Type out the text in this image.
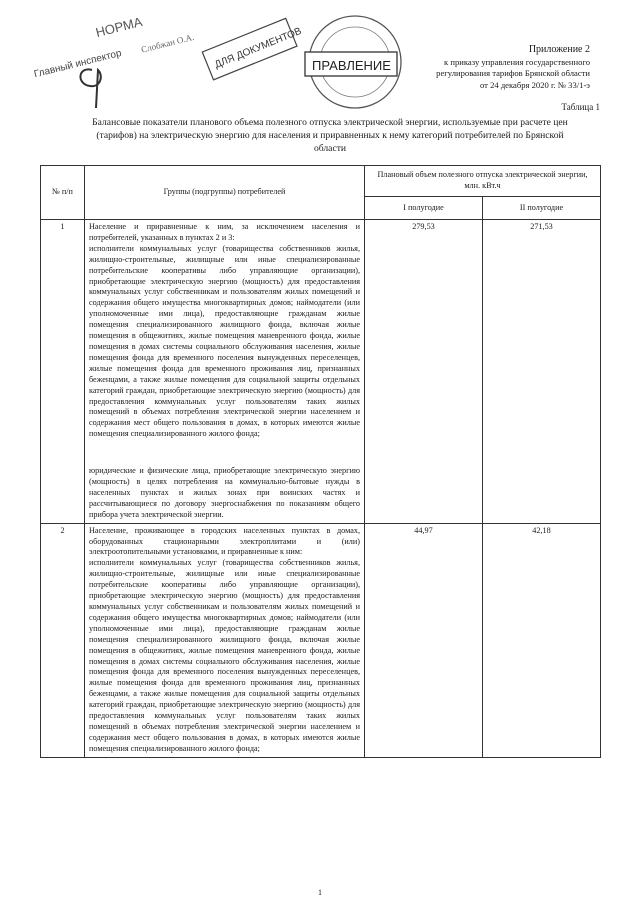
НОРМА
Главный инспектор
Слобжан О.А. ДЛЯ ДОКУМЕНТОВ ПРАВЛЕНИЕ
Приложение 2
к приказу управления государственного
регулирования тарифов Брянской области
от 24 декабря 2020 г. № 33/1-э
Таблица 1
Балансовые показатели планового объема полезного отпуска электрической энергии, используемые при расчете цен (тарифов) на электрическую энергию для населения и приравненных к нему категорий потребителей по Брянской области
№ п/п	Группы (подгруппы) потребителей	Плановый объем полезного отпуска электрической энергии, млн. кВт.ч	
		I полугодие	II полугодие
1	Население и приравненные к ним, за исключением населения и потребителей, указанных в пунктах 2 и 3:

исполнители коммунальных услуг (товарищества собственников жилья, жилищно-строительные, жилищные или иные специализированные потребительские кооперативы либо управляющие организации), приобретающие электрическую энергию (мощность) для предоставления коммунальных услуг собственникам и пользователям жилых помещений и содержания общего имущества многоквартирных домов; наймодатели (или уполномоченные ими лица), предоставляющие гражданам жилые помещения специализированного жилищного фонда, включая жилые помещения в общежитиях, жилые помещения маневренного фонда, жилые помещения в домах системы социального обслуживания населения, жилые помещения фонда для временного поселения вынужденных переселенцев, жилые помещения фонда для временного проживания лиц, признанных беженцами, а также жилые помещения для социальной защиты отдельных категорий граждан, приобретающие электрическую энергию (мощность) для предоставления коммунальных услуг пользователям таких жилых помещений в объемах потребления электрической энергии населением и содержания мест общего пользования в домах, в которых имеются жилые помещения специализированного жилого фонда;

юридические и физические лица, приобретающие электрическую энергию (мощность) в целях потребления на коммунально-бытовые нужды в населенных пунктах и жилых зонах при воинских частях и рассчитывающиеся по договору энергоснабжения по показаниям общего прибора учета электрической энергии.	279,53	271,53
2	Население, проживающее в городских населенных пунктах в домах, оборудованных стационарными электроплитами и (или) электроотопительными установками, и приравненные к ним:

исполнители коммунальных услуг (товарищества собственников жилья, жилищно-строительные, жилищные или иные специализированные потребительские кооперативы либо управляющие организации), приобретающие электрическую энергию (мощность) для предоставления коммунальных услуг собственникам и пользователям жилых помещений и содержания общего имущества многоквартирных домов; наймодатели (или уполномоченные ими лица), предоставляющие гражданам жилые помещения специализированного жилищного фонда, включая жилые помещения в общежитиях, жилые помещения маневренного фонда, жилые помещения в домах системы социального обслуживания населения, жилые помещения фонда для временного поселения вынужденных переселенцев, жилые помещения фонда для временного проживания лиц, признанных беженцами, а также жилые помещения для социальной защиты отдельных категорий граждан, приобретающие электрическую энергию (мощность) для предоставления коммунальных услуг пользователям таких жилых помещений в объемах потребления электрической энергии населением и содержания мест общего пользования в домах, в которых имеются жилые помещения специализированного жилого фонда;	44,97	42,18
1
